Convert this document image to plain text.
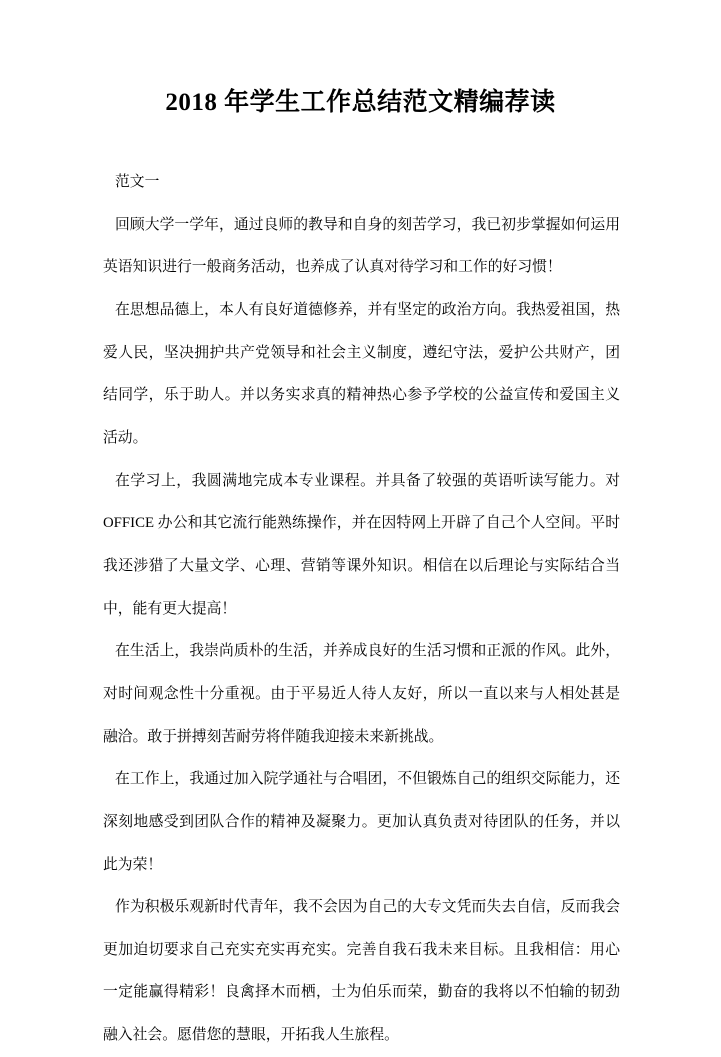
2018 年学生工作总结范文精编荐读

范文一

回顾大学一学年，通过良师的教导和自身的刻苦学习，我已初步掌握如何运用英语知识进行一般商务活动，也养成了认真对待学习和工作的好习惯！

在思想品德上，本人有良好道德修养，并有坚定的政治方向。我热爱祖国，热爱人民，坚决拥护共产党领导和社会主义制度，遵纪守法，爱护公共财产，团结同学，乐于助人。并以务实求真的精神热心参予学校的公益宣传和爱国主义活动。

在学习上，我圆满地完成本专业课程。并具备了较强的英语听读写能力。对OFFICE 办公和其它流行能熟练操作，并在因特网上开辟了自己个人空间。平时我还涉猎了大量文学、心理、营销等课外知识。相信在以后理论与实际结合当中，能有更大提高！

在生活上，我崇尚质朴的生活，并养成良好的生活习惯和正派的作风。此外，对时间观念性十分重视。由于平易近人待人友好，所以一直以来与人相处甚是融洽。敢于拼搏刻苦耐劳将伴随我迎接未来新挑战。

在工作上，我通过加入院学通社与合唱团，不但锻炼自己的组织交际能力，还深刻地感受到团队合作的精神及凝聚力。更加认真负责对待团队的任务，并以此为荣！

作为积极乐观新时代青年，我不会因为自己的大专文凭而失去自信，反而我会更加迫切要求自己充实充实再充实。完善自我石我未来目标。且我相信：用心一定能赢得精彩！良禽择木而栖，士为伯乐而荣，勤奋的我将以不怕输的韧劲融入社会。愿借您的慧眼，开拓我人生旅程。
